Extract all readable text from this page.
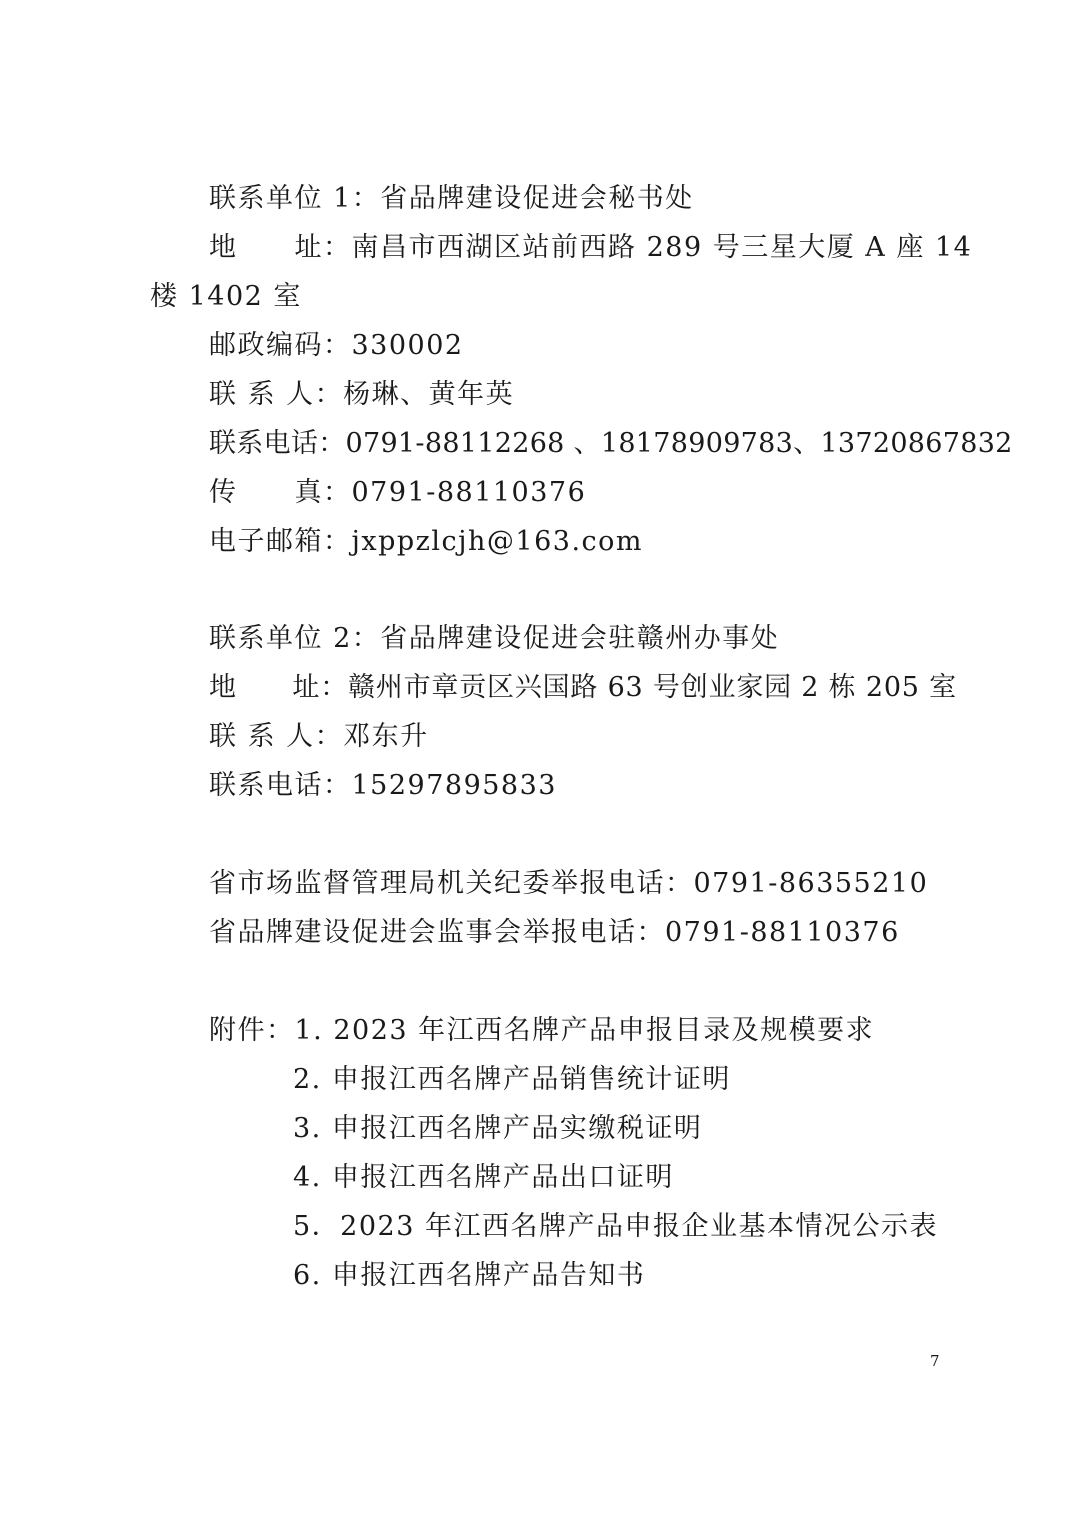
联系单位 1：省品牌建设促进会秘书处
地　　址：南昌市西湖区站前西路 289 号三星大厦 A 座 14
楼 1402 室
邮政编码：330002
联 系 人：杨琳、黄年英
联系电话：0791-88112268 、18178909783、13720867832
传　　真：0791-88110376
电子邮箱：jxppzlcjh@163.com
联系单位 2：省品牌建设促进会驻赣州办事处
地　　址：赣州市章贡区兴国路 63 号创业家园 2 栋 205 室
联 系 人：邓东升
联系电话：15297895833
省市场监督管理局机关纪委举报电话：0791-86355210
省品牌建设促进会监事会举报电话：0791-88110376
附件：1. 2023 年江西名牌产品申报目录及规模要求
2. 申报江西名牌产品销售统计证明
3. 申报江西名牌产品实缴税证明
4. 申报江西名牌产品出口证明
5．2023 年江西名牌产品申报企业基本情况公示表
6. 申报江西名牌产品告知书
7
